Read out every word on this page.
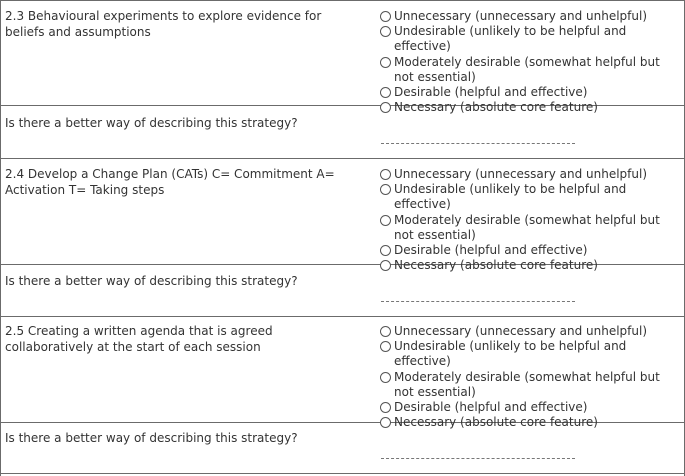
2.3 Behavioural experiments to explore evidence for beliefs and assumptions
Unnecessary (unnecessary and unhelpful)
Undesirable (unlikely to be helpful and effective)
Moderately desirable (somewhat helpful but not essential)
Desirable (helpful and effective)
Necessary (absolute core feature)
Is there a better way of describing this strategy?
2.4 Develop a Change Plan (CATs) C= Commitment A= Activation T= Taking steps
Unnecessary (unnecessary and unhelpful)
Undesirable (unlikely to be helpful and effective)
Moderately desirable (somewhat helpful but not essential)
Desirable (helpful and effective)
Necessary (absolute core feature)
Is there a better way of describing this strategy?
2.5 Creating a written agenda that is agreed collaboratively at the start of each session
Unnecessary (unnecessary and unhelpful)
Undesirable (unlikely to be helpful and effective)
Moderately desirable (somewhat helpful but not essential)
Desirable (helpful and effective)
Necessary (absolute core feature)
Is there a better way of describing this strategy?
